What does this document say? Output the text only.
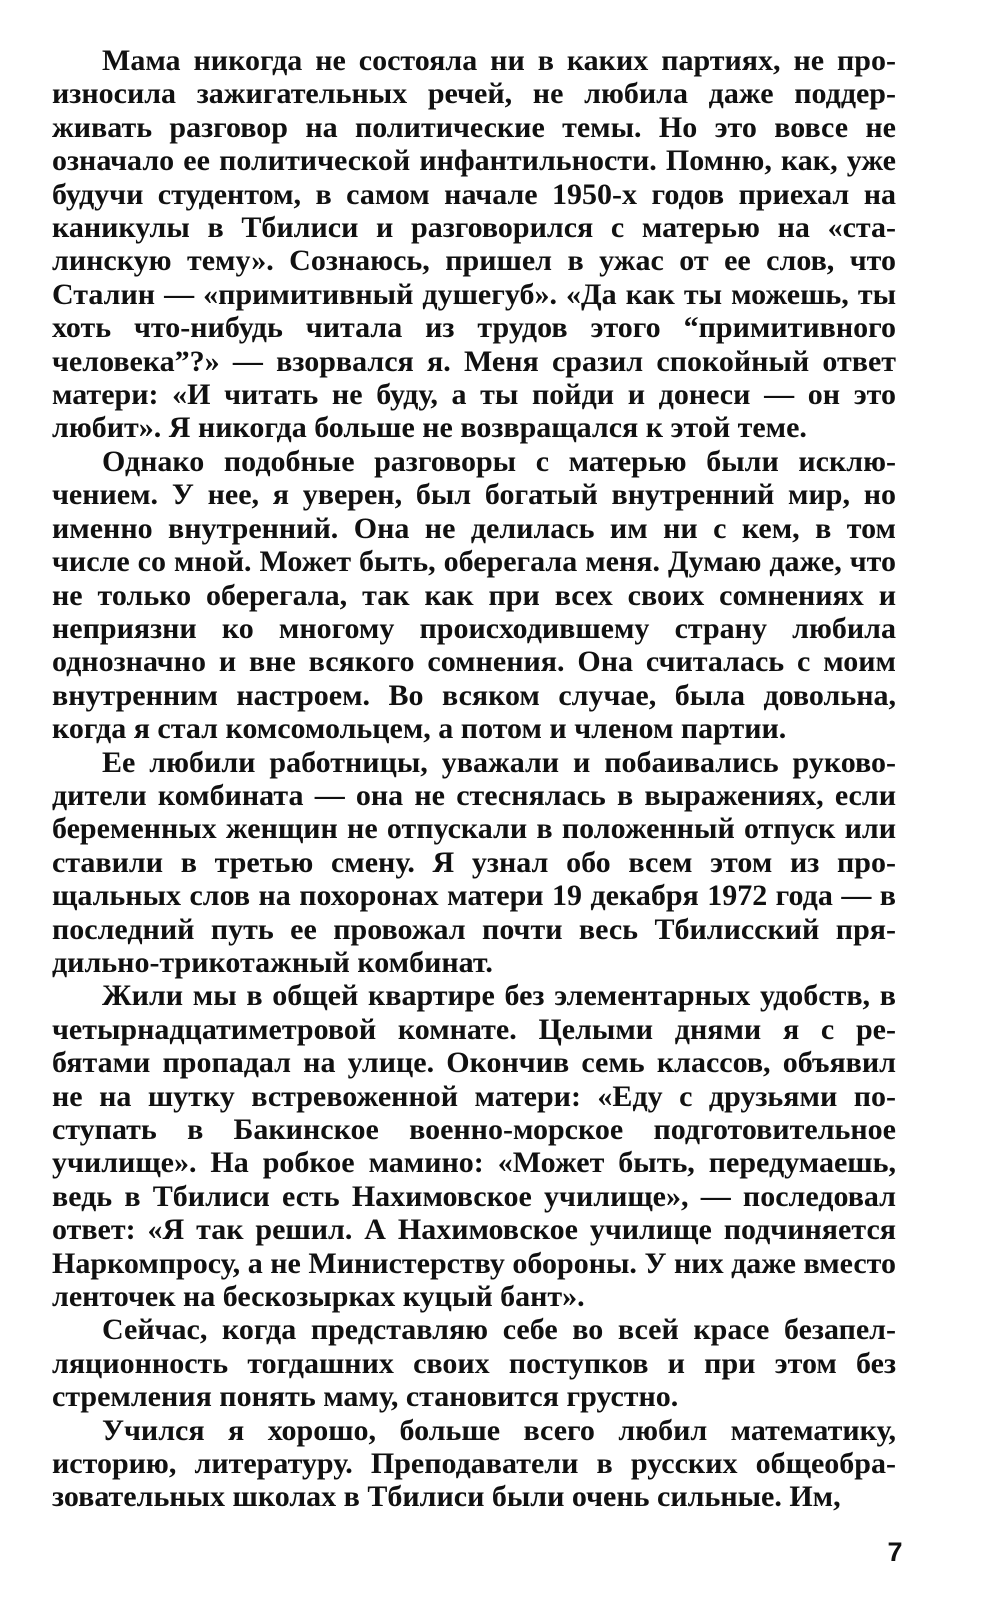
Мама никогда не состояла ни в каких партиях, не произносила зажигательных речей, не любила даже поддерживать разговор на политические темы. Но это вовсе не означало ее политической инфантильности. Помню, как, уже будучи студентом, в самом начале 1950-х годов приехал на каникулы в Тбилиси и разговорился с матерью на «сталинскую тему». Сознаюсь, пришел в ужас от ее слов, что Сталин — «примитивный душегуб». «Да как ты можешь, ты хоть что-нибудь читала из трудов этого “примитивного человека”?» — взорвался я. Меня сразил спокойный ответ матери: «И читать не буду, а ты пойди и донеси — он это любит». Я никогда больше не возвращался к этой теме.

Однако подобные разговоры с матерью были исключением. У нее, я уверен, был богатый внутренний мир, но именно внутренний. Она не делилась им ни с кем, в том числе со мной. Может быть, оберегала меня. Думаю даже, что не только оберегала, так как при всех своих сомнениях и неприязни ко многому происходившему страну любила однозначно и вне всякого сомнения. Она считалась с моим внутренним настроем. Во всяком случае, была довольна, когда я стал комсомольцем, а потом и членом партии.

Ее любили работницы, уважали и побаивались руководители комбината — она не стеснялась в выражениях, если беременных женщин не отпускали в положенный отпуск или ставили в третью смену. Я узнал обо всем этом из прощальных слов на похоронах матери 19 декабря 1972 года — в последний путь ее провожал почти весь Тбилисский прядильно-трикотажный комбинат.

Жили мы в общей квартире без элементарных удобств, в четырнадцатиметровой комнате. Целыми днями я с ребятами пропадал на улице. Окончив семь классов, объявил не на шутку встревоженной матери: «Еду с друзьями поступать в Бакинское военно-морское подготовительное училище». На робкое мамино: «Может быть, передумаешь, ведь в Тбилиси есть Нахимовское училище», — последовал ответ: «Я так решил. А Нахимовское училище подчиняется Наркомпросу, а не Министерству обороны. У них даже вместо ленточек на бескозырках куцый бант».

Сейчас, когда представляю себе во всей красе безапелляционность тогдашних своих поступков и при этом без стремления понять маму, становится грустно.

Учился я хорошо, больше всего любил математику, историю, литературу. Преподаватели в русских общеобразовательных школах в Тбилиси были очень сильные. Им,

7
